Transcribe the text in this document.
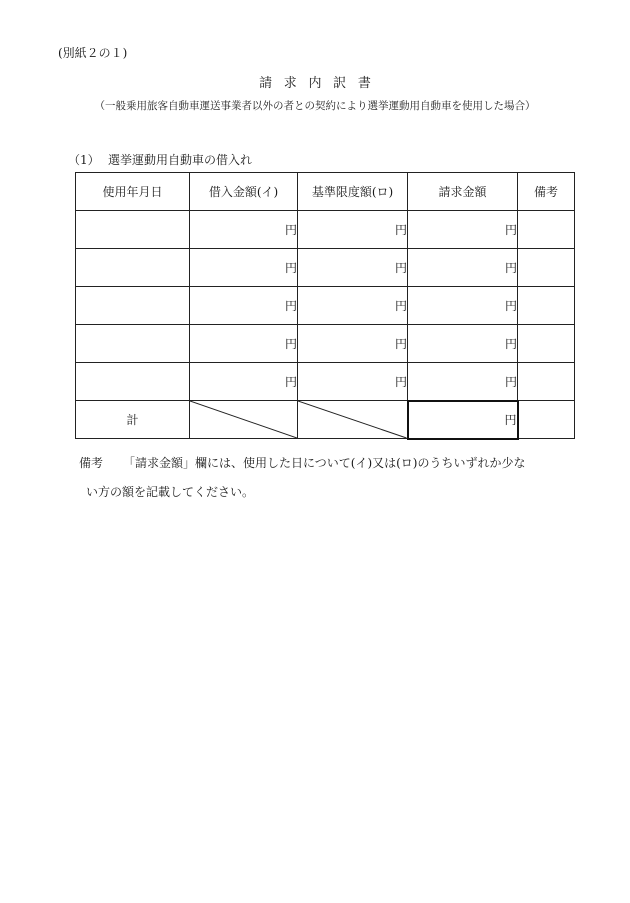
(別紙２の１)
請求内訳書
（一般乗用旅客自動車運送事業者以外の者との契約により選挙運動用自動車を使用した場合）
（1） 選挙運動用自動車の借入れ
使用年月日	借入金額(イ)	基準限度額(ロ)	請求金額	備考
	円	円	円	
	円	円	円	
	円	円	円	
	円	円	円	
	円	円	円	
計			円	
備考 「請求金額」欄には、使用した日について(イ)又は(ロ)のうちいずれか少な
い方の額を記載してください。
